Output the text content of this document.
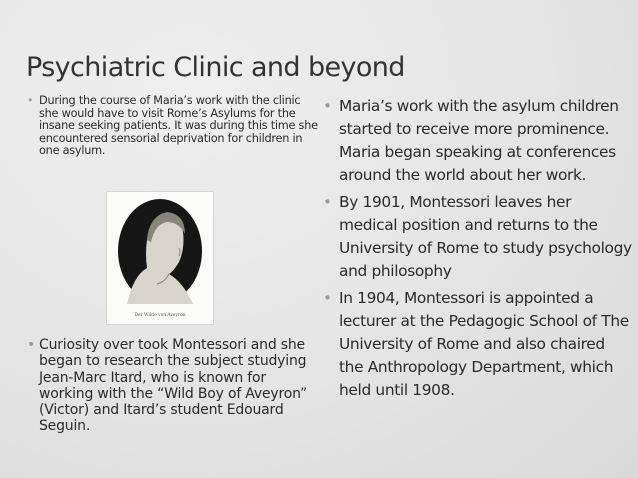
Psychiatric Clinic and beyond
• During the course of Maria’s work with the clinic she would have to visit Rome’s Asylums for the insane seeking patients. It was during this time she encountered sensorial deprivation for children in one asylum.
Der Wilde von Aveyron
• Curiosity over took Montessori and she began to research the subject studying Jean-Marc Itard, who is known for working with the “Wild Boy of Aveyron” (Victor) and Itard’s student Edouard Seguin.
• Maria’s work with the asylum children started to receive more prominence. Maria began speaking at conferences around the world about her work.
• By 1901, Montessori leaves her medical position and returns to the University of Rome to study psychology and philosophy
• In 1904, Montessori is appointed a lecturer at the Pedagogic School of The University of Rome and also chaired the Anthropology Department, which held until 1908.
